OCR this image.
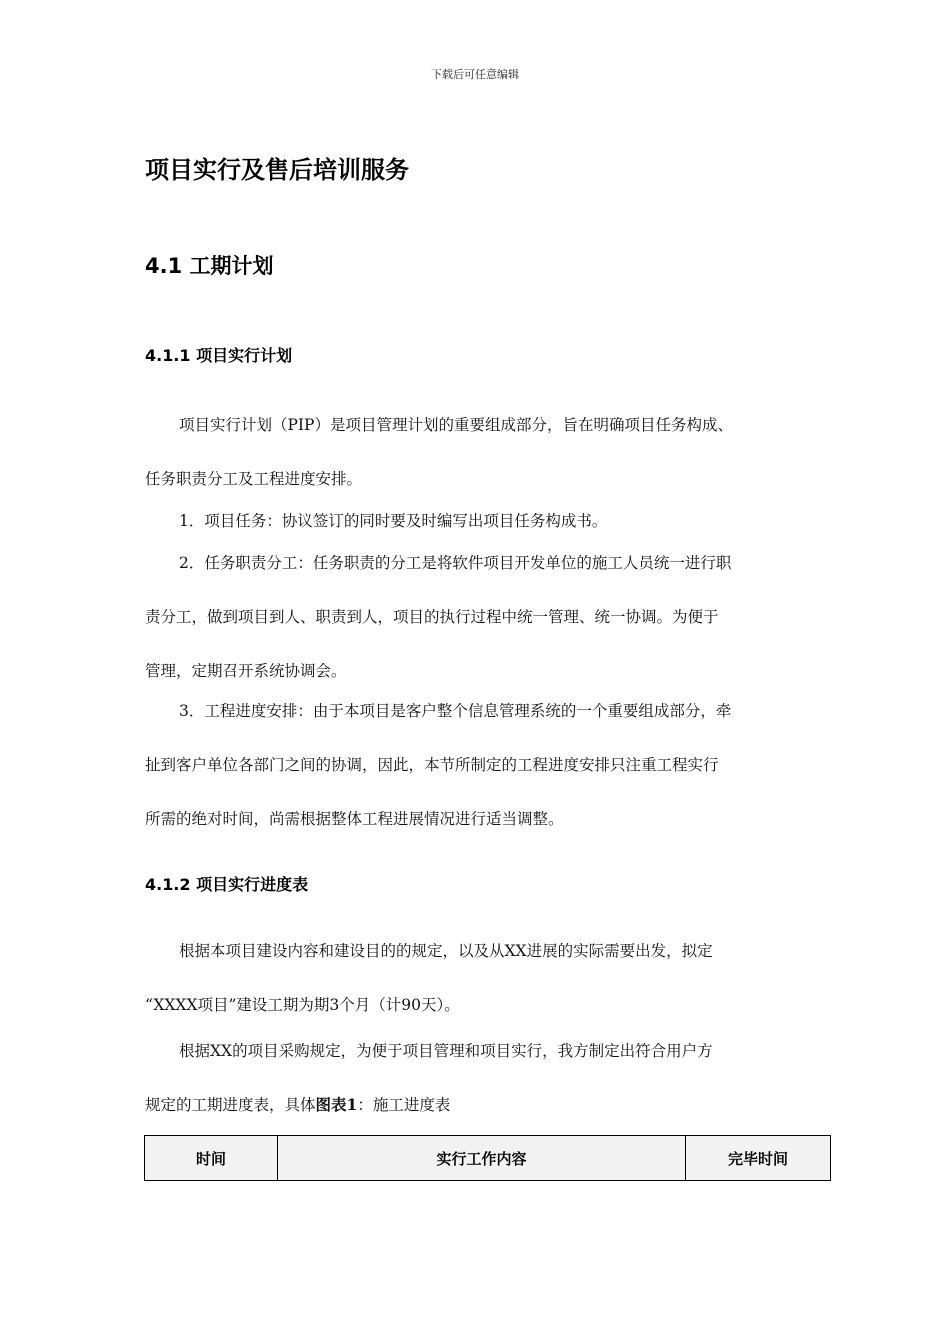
下载后可任意编辑
项目实行及售后培训服务
4.1 工期计划
4.1.1 项目实行计划
项目实行计划（PIP）是项目管理计划的重要组成部分，旨在明确项目任务构成、
任务职责分工及工程进度安排。
1．项目任务：协议签订的同时要及时编写出项目任务构成书。
2．任务职责分工：任务职责的分工是将软件项目开发单位的施工人员统一进行职
责分工，做到项目到人、职责到人，项目的执行过程中统一管理、统一协调。为便于
管理，定期召开系统协调会。
3．工程进度安排：由于本项目是客户整个信息管理系统的一个重要组成部分，牵
扯到客户单位各部门之间的协调，因此，本节所制定的工程进度安排只注重工程实行
所需的绝对时间，尚需根据整体工程进展情况进行适当调整。
4.1.2 项目实行进度表
根据本项目建设内容和建设目的的规定，以及从XX进展的实际需要出发，拟定
“XXXX项目”建设工期为期3个月（计90天）。
根据XX的项目采购规定，为便于项目管理和项目实行，我方制定出符合用户方
规定的工期进度表，具体图表1：施工进度表
时间	实行工作内容	完毕时间
